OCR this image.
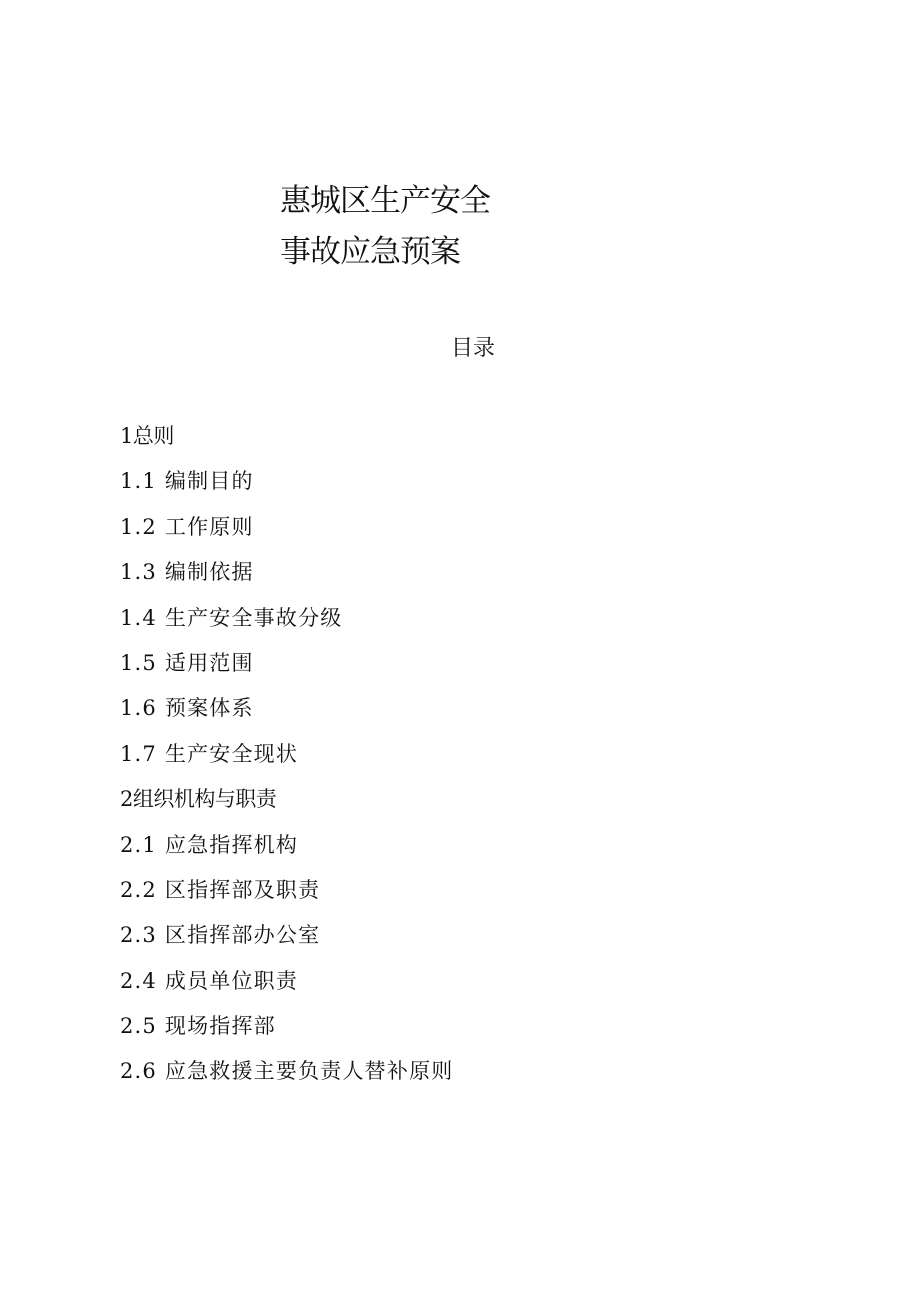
惠城区生产安全
事故应急预案
目录
1总则
1.1 编制目的
1.2 工作原则
1.3 编制依据
1.4 生产安全事故分级
1.5 适用范围
1.6 预案体系
1.7 生产安全现状
2组织机构与职责
2.1 应急指挥机构
2.2 区指挥部及职责
2.3 区指挥部办公室
2.4 成员单位职责
2.5 现场指挥部
2.6 应急救援主要负责人替补原则
